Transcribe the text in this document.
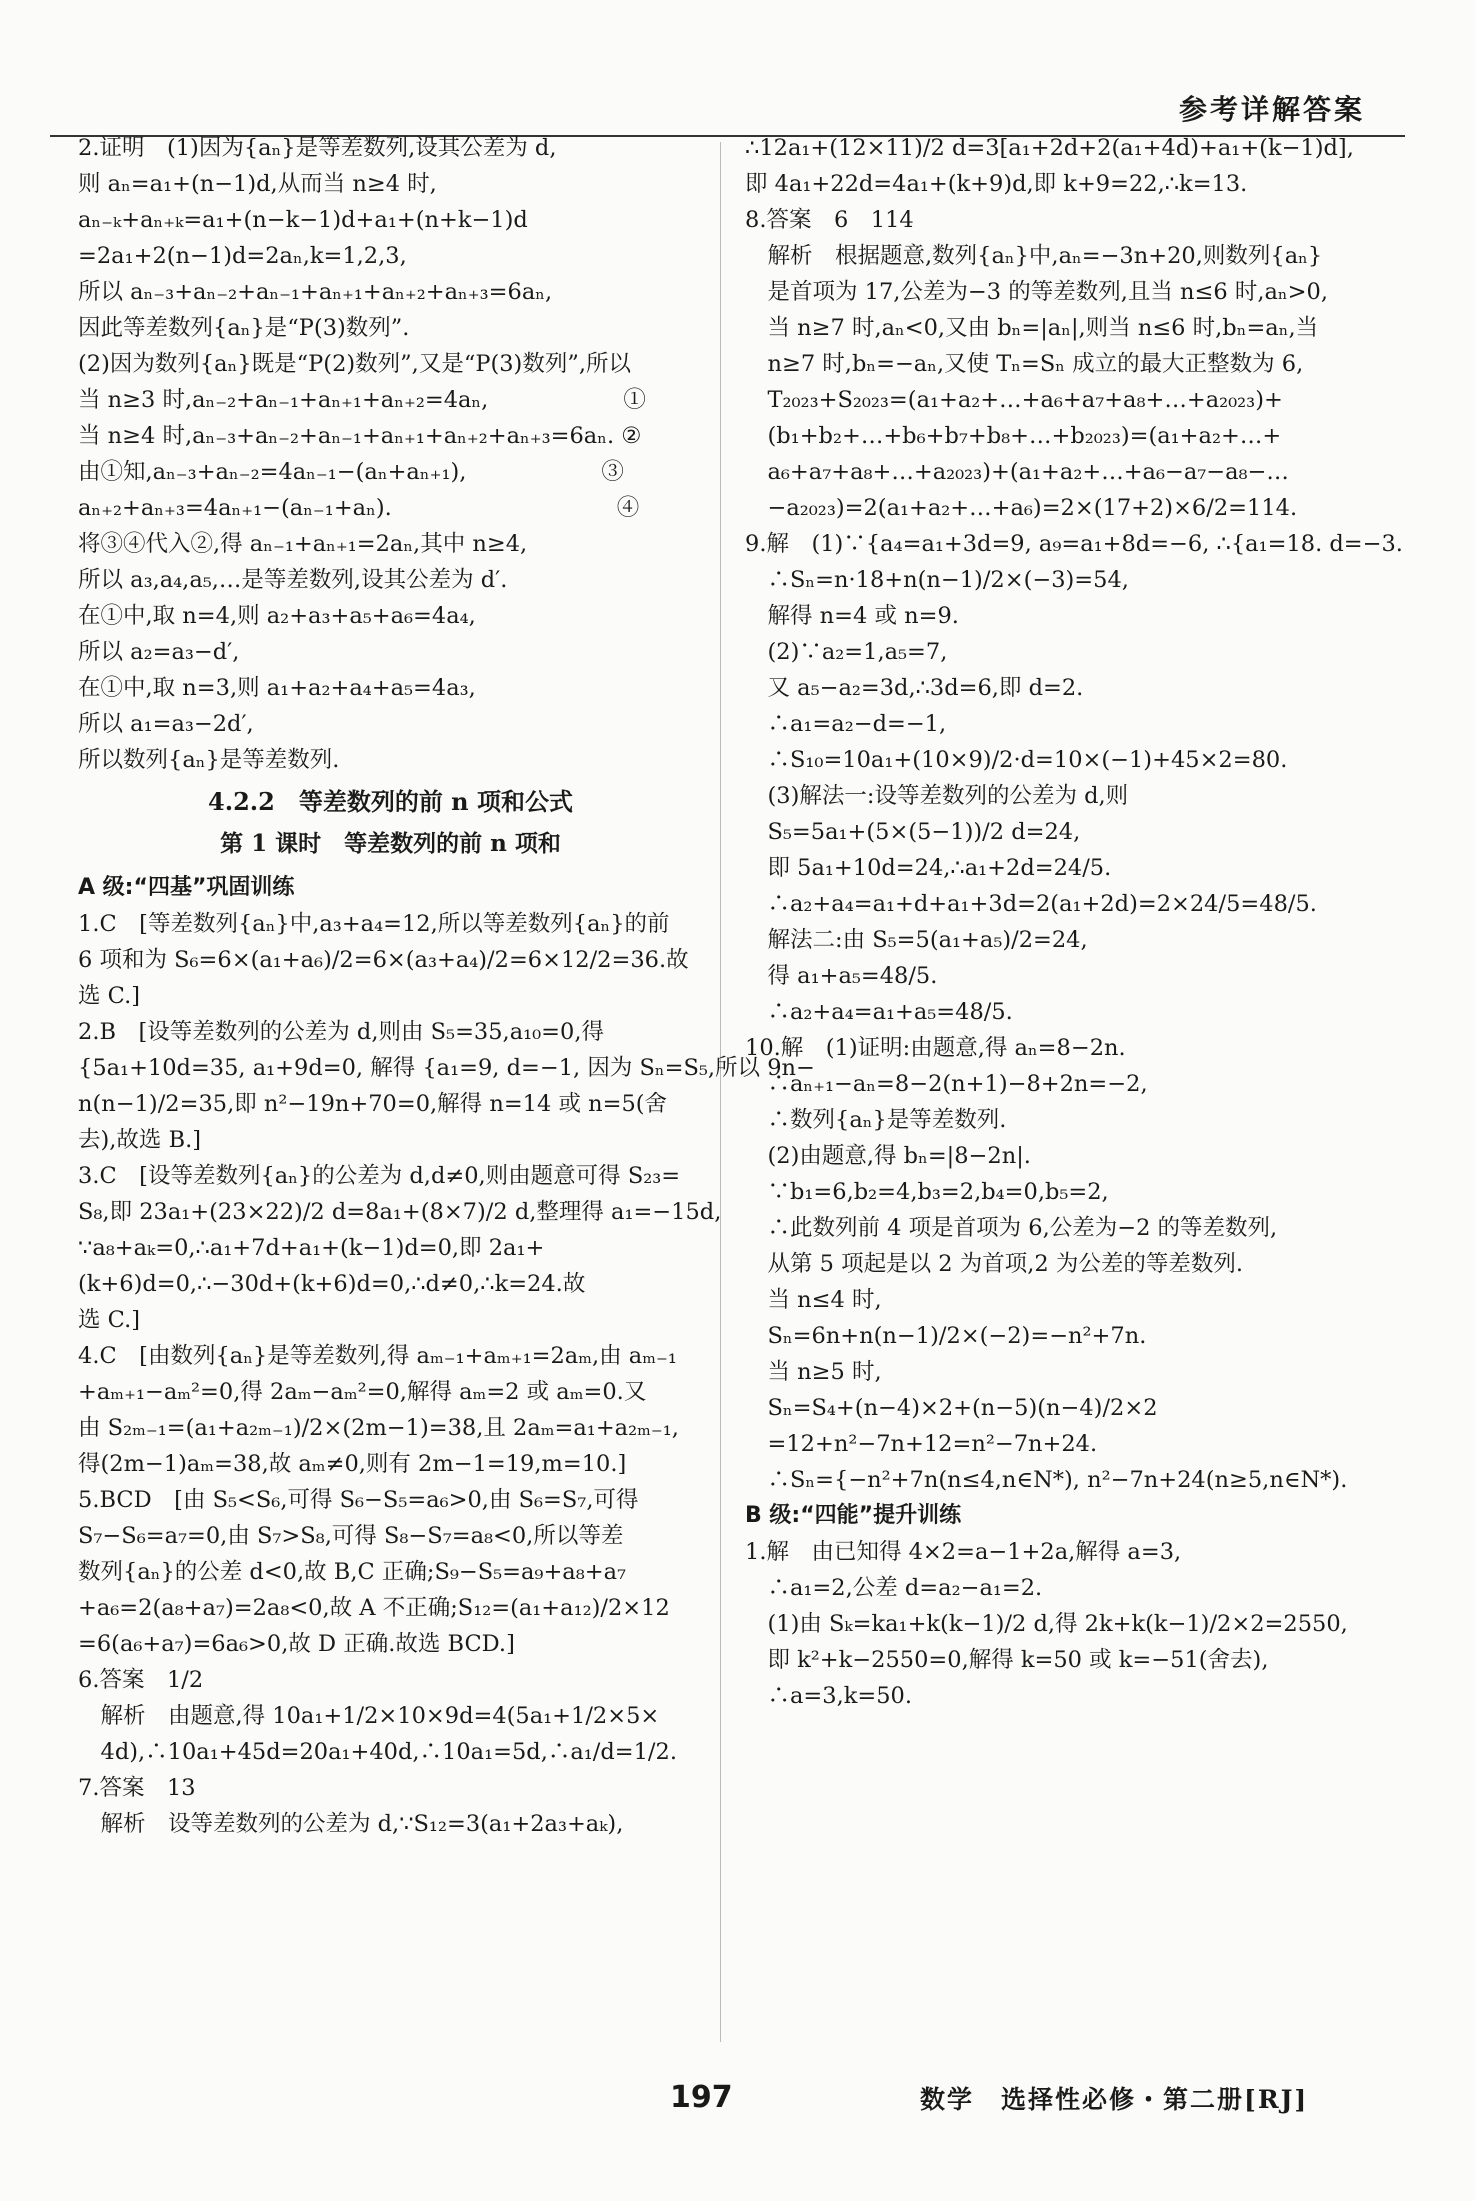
参考详解答案
2.证明　(1)因为{aₙ}是等差数列,设其公差为 d,
则 aₙ=a₁+(n−1)d,从而当 n≥4 时,
aₙ₋ₖ+aₙ₊ₖ=a₁+(n−k−1)d+a₁+(n+k−1)d
=2a₁+2(n−1)d=2aₙ,k=1,2,3,
所以 aₙ₋₃+aₙ₋₂+aₙ₋₁+aₙ₊₁+aₙ₊₂+aₙ₊₃=6aₙ,
因此等差数列{aₙ}是“P(3)数列”.
(2)因为数列{aₙ}既是“P(2)数列”,又是“P(3)数列”,所以
当 n≥3 时,aₙ₋₂+aₙ₋₁+aₙ₊₁+aₙ₊₂=4aₙ,　　　　　　①
当 n≥4 时,aₙ₋₃+aₙ₋₂+aₙ₋₁+aₙ₊₁+aₙ₊₂+aₙ₊₃=6aₙ. ②
由①知,aₙ₋₃+aₙ₋₂=4aₙ₋₁−(aₙ+aₙ₊₁),　　　　　　③
aₙ₊₂+aₙ₊₃=4aₙ₊₁−(aₙ₋₁+aₙ).　　　　　　　　　　④
将③④代入②,得 aₙ₋₁+aₙ₊₁=2aₙ,其中 n≥4,
所以 a₃,a₄,a₅,…是等差数列,设其公差为 d′.
在①中,取 n=4,则 a₂+a₃+a₅+a₆=4a₄,
所以 a₂=a₃−d′,
在①中,取 n=3,则 a₁+a₂+a₄+a₅=4a₃,
所以 a₁=a₃−2d′,
所以数列{aₙ}是等差数列.
4.2.2　等差数列的前 n 项和公式
第 1 课时　等差数列的前 n 项和
A 级:“四基”巩固训练
1.C　[等差数列{aₙ}中,a₃+a₄=12,所以等差数列{aₙ}的前
6 项和为 S₆=6×(a₁+a₆)/2=6×(a₃+a₄)/2=6×12/2=36.故
选 C.]
2.B　[设等差数列的公差为 d,则由 S₅=35,a₁₀=0,得
{5a₁+10d=35, a₁+9d=0, 解得 {a₁=9, d=−1, 因为 Sₙ=S₅,所以 9n−
n(n−1)/2=35,即 n²−19n+70=0,解得 n=14 或 n=5(舍
去),故选 B.]
3.C　[设等差数列{aₙ}的公差为 d,d≠0,则由题意可得 S₂₃=
S₈,即 23a₁+(23×22)/2 d=8a₁+(8×7)/2 d,整理得 a₁=−15d,
∵a₈+aₖ=0,∴a₁+7d+a₁+(k−1)d=0,即 2a₁+
(k+6)d=0,∴−30d+(k+6)d=0,∴d≠0,∴k=24.故
选 C.]
4.C　[由数列{aₙ}是等差数列,得 aₘ₋₁+aₘ₊₁=2aₘ,由 aₘ₋₁
+aₘ₊₁−aₘ²=0,得 2aₘ−aₘ²=0,解得 aₘ=2 或 aₘ=0.又
由 S₂ₘ₋₁=(a₁+a₂ₘ₋₁)/2×(2m−1)=38,且 2aₘ=a₁+a₂ₘ₋₁,
得(2m−1)aₘ=38,故 aₘ≠0,则有 2m−1=19,m=10.]
5.BCD　[由 S₅<S₆,可得 S₆−S₅=a₆>0,由 S₆=S₇,可得
S₇−S₆=a₇=0,由 S₇>S₈,可得 S₈−S₇=a₈<0,所以等差
数列{aₙ}的公差 d<0,故 B,C 正确;S₉−S₅=a₉+a₈+a₇
+a₆=2(a₈+a₇)=2a₈<0,故 A 不正确;S₁₂=(a₁+a₁₂)/2×12
=6(a₆+a₇)=6a₆>0,故 D 正确.故选 BCD.]
6.答案　1/2
　解析　由题意,得 10a₁+1/2×10×9d=4(5a₁+1/2×5×
　4d),∴10a₁+45d=20a₁+40d,∴10a₁=5d,∴a₁/d=1/2.
7.答案　13
　解析　设等差数列的公差为 d,∵S₁₂=3(a₁+2a₃+aₖ),
∴12a₁+(12×11)/2 d=3[a₁+2d+2(a₁+4d)+a₁+(k−1)d],
即 4a₁+22d=4a₁+(k+9)d,即 k+9=22,∴k=13.
8.答案　6　114
　解析　根据题意,数列{aₙ}中,aₙ=−3n+20,则数列{aₙ}
　是首项为 17,公差为−3 的等差数列,且当 n≤6 时,aₙ>0,
　当 n≥7 时,aₙ<0,又由 bₙ=|aₙ|,则当 n≤6 时,bₙ=aₙ,当
　n≥7 时,bₙ=−aₙ,又使 Tₙ=Sₙ 成立的最大正整数为 6,
　T₂₀₂₃+S₂₀₂₃=(a₁+a₂+…+a₆+a₇+a₈+…+a₂₀₂₃)+
　(b₁+b₂+…+b₆+b₇+b₈+…+b₂₀₂₃)=(a₁+a₂+…+
　a₆+a₇+a₈+…+a₂₀₂₃)+(a₁+a₂+…+a₆−a₇−a₈−…
　−a₂₀₂₃)=2(a₁+a₂+…+a₆)=2×(17+2)×6/2=114.
9.解　(1)∵{a₄=a₁+3d=9, a₉=a₁+8d=−6, ∴{a₁=18. d=−3.
　∴Sₙ=n·18+n(n−1)/2×(−3)=54,
　解得 n=4 或 n=9.
　(2)∵a₂=1,a₅=7,
　又 a₅−a₂=3d,∴3d=6,即 d=2.
　∴a₁=a₂−d=−1,
　∴S₁₀=10a₁+(10×9)/2·d=10×(−1)+45×2=80.
　(3)解法一:设等差数列的公差为 d,则
　S₅=5a₁+(5×(5−1))/2 d=24,
　即 5a₁+10d=24,∴a₁+2d=24/5.
　∴a₂+a₄=a₁+d+a₁+3d=2(a₁+2d)=2×24/5=48/5.
　解法二:由 S₅=5(a₁+a₅)/2=24,
　得 a₁+a₅=48/5.
　∴a₂+a₄=a₁+a₅=48/5.
10.解　(1)证明:由题意,得 aₙ=8−2n.
　∴aₙ₊₁−aₙ=8−2(n+1)−8+2n=−2,
　∴数列{aₙ}是等差数列.
　(2)由题意,得 bₙ=|8−2n|.
　∵b₁=6,b₂=4,b₃=2,b₄=0,b₅=2,
　∴此数列前 4 项是首项为 6,公差为−2 的等差数列,
　从第 5 项起是以 2 为首项,2 为公差的等差数列.
　当 n≤4 时,
　Sₙ=6n+n(n−1)/2×(−2)=−n²+7n.
　当 n≥5 时,
　Sₙ=S₄+(n−4)×2+(n−5)(n−4)/2×2
　=12+n²−7n+12=n²−7n+24.
　∴Sₙ={−n²+7n(n≤4,n∈N*), n²−7n+24(n≥5,n∈N*).
B 级:“四能”提升训练
1.解　由已知得 4×2=a−1+2a,解得 a=3,
　∴a₁=2,公差 d=a₂−a₁=2.
　(1)由 Sₖ=ka₁+k(k−1)/2 d,得 2k+k(k−1)/2×2=2550,
　即 k²+k−2550=0,解得 k=50 或 k=−51(舍去),
　∴a=3,k=50.
197	数学　选择性必修・第二册[RJ]
